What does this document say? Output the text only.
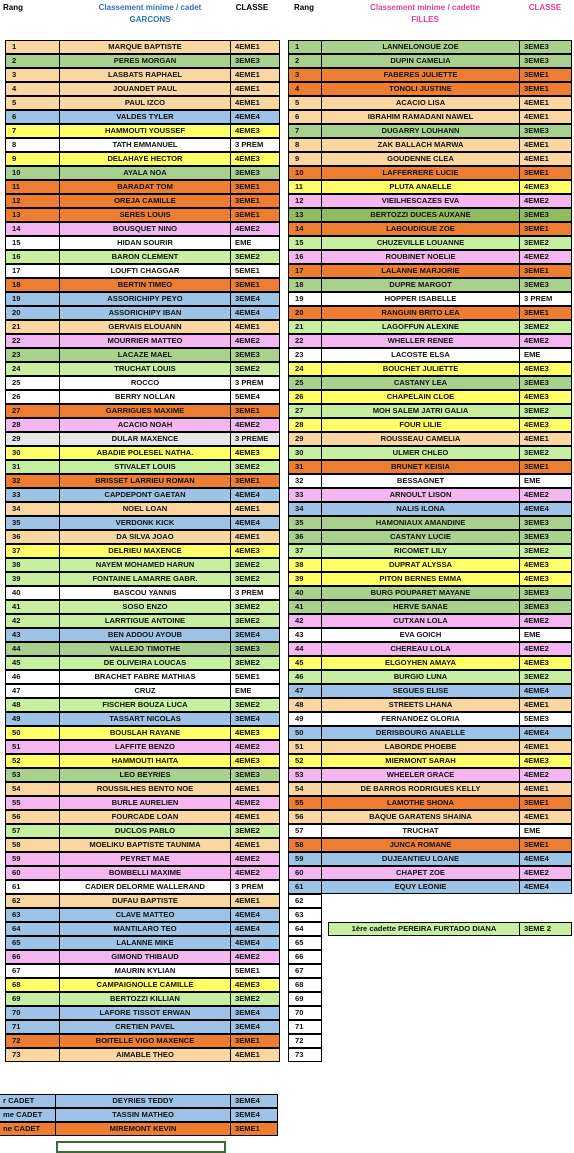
Rang	Classement minime / cadet
GARCONS
CLASSE	Rang	Classement minime / cadette
FILLES
CLASSE
1	MARQUE BAPTISTE	4EME1
2	PERES MORGAN	3EME3
3	LASBATS RAPHAEL	4EME1
4	JOUANDET PAUL	4EME1
5	PAUL IZCO	4EME1
6	VALDES TYLER	4EME4
7	HAMMOUTI YOUSSEF	4EME3
8	TATH EMMANUEL	3 PREM
9	DELAHAYE HECTOR	4EME3
10	AYALA NOA	3EME3
11	BARADAT TOM	3EME1
12	OREJA CAMILLE	3EME1
13	SERES LOUIS	3EME1
14	BOUSQUET NINO	4EME2
15	HIDAN SOURIR	EME
16	BARON CLEMENT	3EME2
17	LOUFTI CHAGGAR	5EME1
18	BERTIN TIMEO	3EME1
19	ASSORICHIPY PEYO	3EME4
20	ASSORICHIPY IBAN	4EME4
21	GERVAIS ELOUANN	4EME1
22	MOURRIER MATTEO	4EME2
23	LACAZE MAEL	3EME3
24	TRUCHAT LOUIS	3EME2
25	ROCCO	3 PREM
26	BERRY NOLLAN	5EME4
27	GARRIGUES MAXIME	3EME1
28	ACACIO NOAH	4EME2
29	DULAR MAXENCE	3 PREME
30	ABADIE POLESEL NATHA.	4EME3
31	STIVALET LOUIS	3EME2
32	BRISSET LARRIEU ROMAN	3EME1
33	CAPDEPONT GAETAN	4EME4
34	NOEL LOAN	4EME1
35	VERDONK KICK	4EME4
36	DA SILVA JOAO	4EME1
37	DELRIEU MAXENCE	4EME3
38	NAYEM MOHAMED HARUN	3EME2
39	FONTAINE LAMARRE GABR.	3EME2
40	BASCOU YANNIS	3 PREM
41	SOSO ENZO	3EME2
42	LARRTIGUE ANTOINE	3EME2
43	BEN ADDOU AYOUB	3EME4
44	VALLEJO TIMOTHE	3EME3
45	DE OLIVEIRA LOUCAS	3EME2
46	BRACHET FABRE MATHIAS	5EME1
47	CRUZ	EME
48	FISCHER BOUZA LUCA	3EME2
49	TASSART NICOLAS	3EME4
50	BOUSLAH RAYANE	4EME3
51	LAFFITE BENZO	4EME2
52	HAMMOUTI HAITA	4EME3
53	LEO BEYRIES	3EME3
54	ROUSSILHES BENTO NOE	4EME1
55	BURLE AURELIEN	4EME2
56	FOURCADE LOAN	4EME1
57	DUCLOS PABLO	3EME2
58	MOELIKU BAPTISTE TAUNIMA	4EME1
59	PEYRET MAE	4EME2
60	BOMBELLI MAXIME	4EME2
61	CADIER DELORME WALLERAND	3 PREM
62	DUFAU BAPTISTE	4EME1
63	CLAVE MATTEO	4EME4
64	MANTILARO TEO	4EME4
65	LALANNE MIKE	4EME4
66	GIMOND THIBAUD	4EME2
67	MAURIN KYLIAN	5EME1
68	CAMPAIGNOLLE CAMILLE	4EME3
69	BERTOZZI KILLIAN	3EME2
70	LAFORE TISSOT ERWAN	3EME4
71	CRETIEN PAVEL	3EME4
72	BOITELLE VIGO MAXENCE	3EME1
73	AIMABLE THEO	4EME1
1	LANNELONGUE ZOE	3EME3
2	DUPIN CAMELIA	3EME3
3	FABERES JULIETTE	3EME1
4	TONOLI JUSTINE	3EME1
5	ACACIO LISA	4EME1
6	IBRAHIM RAMADANI NAWEL	4EME1
7	DUGARRY LOUHANN	3EME3
8	ZAK BALLACH MARWA	4EME1
9	GOUDENNE CLEA	4EME1
10	LAFFERRERE LUCIE	3EME1
11	PLUTA ANAELLE	4EME3
12	VIEILHESCAZES EVA	4EME2
13	BERTOZZI DUCES AUXANE	3EME3
14	LABOUDIGUE ZOE	3EME1
15	CHUZEVILLE LOUANNE	3EME2
16	ROUBINET NOELIE	4EME2
17	LALANNE MARJORIE	3EME1
18	DUPRE MARGOT	3EME3
19	HOPPER ISABELLE	3 PREM
20	RANGUIN BRITO LEA	3EME1
21	LAGOFFUN ALEXINE	3EME2
22	WHELLER RENEE	4EME2
23	LACOSTE ELSA	EME
24	BOUCHET JULIETTE	4EME3
25	CASTANY LEA	3EME3
26	CHAPELAIN CLOE	4EME3
27	MOH SALEM JATRI GALIA	3EME2
28	FOUR LILIE	4EME3
29	ROUSSEAU CAMELIA	4EME1
30	ULMER CHLEO	3EME2
31	BRUNET KEISIA	3EME1
32	BESSAGNET	EME
33	ARNOULT LISON	4EME2
34	NALIS ILONA	4EME4
35	HAMONIAUX AMANDINE	3EME3
36	CASTANY LUCIE	3EME3
37	RICOMET LILY	3EME2
38	DUPRAT ALYSSA	4EME3
39	PITON BERNES EMMA	4EME3
40	BURG POUPARET MAYANE	3EME3
41	HERVE SANAE	3EME3
42	CUTXAN LOLA	4EME2
43	EVA GOICH	EME
44	CHEREAU LOLA	4EME2
45	ELGOYHEN AMAYA	4EME3
46	BURGIO LUNA	3EME2
47	SEGUES ELISE	4EME4
48	STREETS LHANA	4EME1
49	FERNANDEZ GLORIA	5EME3
50	DERISBOURG ANAELLE	4EME4
51	LABORDE PHOEBE	4EME1
52	MIERMONT SARAH	4EME3
53	WHEELER GRACE	4EME2
54	DE BARROS RODRIGUES KELLY	4EME1
55	LAMOTHE SHONA	3EME1
56	BAQUE GARATENS SHAINA	4EME1
57	TRUCHAT	EME
58	JUNCA ROMANE	3EME1
59	DUJEANTIEU LOANE	4EME4
60	CHAPET ZOE	4EME2
61	EQUY LEONIE	4EME4
62
63
64	1ère cadette PEREIRA FURTADO DIANA	3EME 2
65
66
67
68
69
70
71
72
73
r CADET	DEYRIES TEDDY	3EME4
me CADET	TASSIN MATHEO	3EME4
ne CADET	MIREMONT KEVIN	3EME1
